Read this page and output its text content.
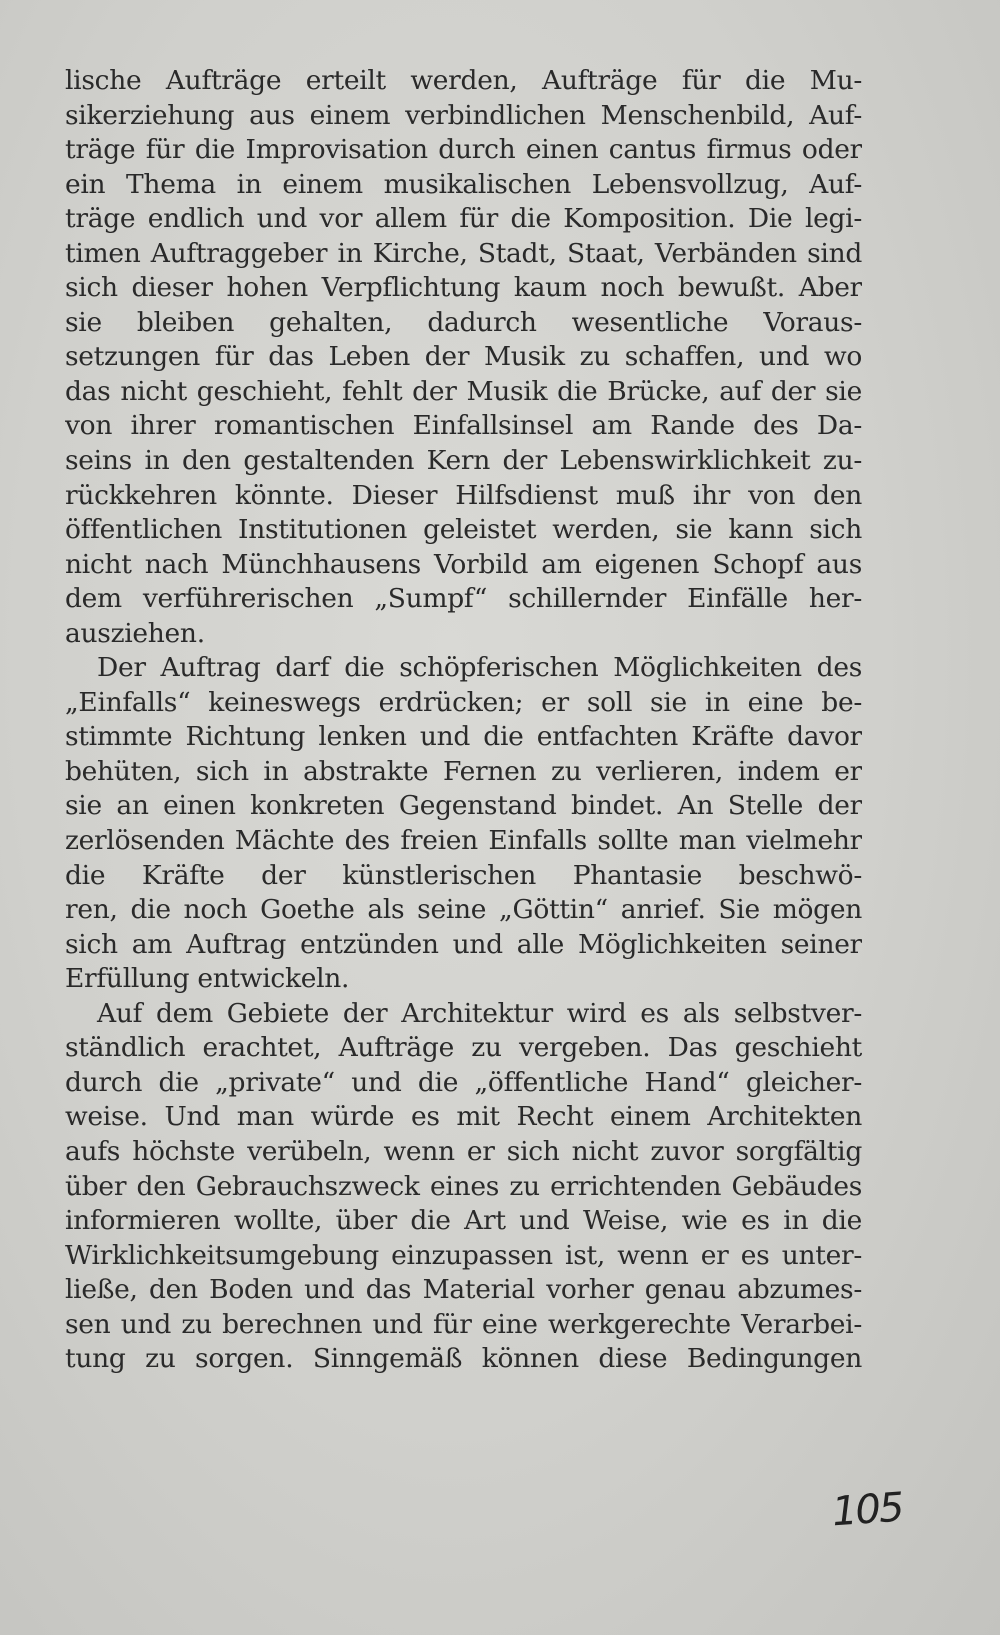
lische Aufträge erteilt werden, Aufträge für die Mu-
sikerziehung aus einem verbindlichen Menschenbild, Auf-
träge für die Improvisation durch einen cantus firmus oder
ein Thema in einem musikalischen Lebensvollzug, Auf-
träge endlich und vor allem für die Komposition. Die legi-
timen Auftraggeber in Kirche, Stadt, Staat, Verbänden sind
sich dieser hohen Verpflichtung kaum noch bewußt. Aber
sie bleiben gehalten, dadurch wesentliche Voraus-
setzungen für das Leben der Musik zu schaffen, und wo
das nicht geschieht, fehlt der Musik die Brücke, auf der sie
von ihrer romantischen Einfallsinsel am Rande des Da-
seins in den gestaltenden Kern der Lebenswirklichkeit zu-
rückkehren könnte. Dieser Hilfsdienst muß ihr von den
öffentlichen Institutionen geleistet werden, sie kann sich
nicht nach Münchhausens Vorbild am eigenen Schopf aus
dem verführerischen „Sumpf“ schillernder Einfälle her-
ausziehen.
Der Auftrag darf die schöpferischen Möglichkeiten des
„Einfalls“ keineswegs erdrücken; er soll sie in eine be-
stimmte Richtung lenken und die entfachten Kräfte davor
behüten, sich in abstrakte Fernen zu verlieren, indem er
sie an einen konkreten Gegenstand bindet. An Stelle der
zerlösenden Mächte des freien Einfalls sollte man vielmehr
die Kräfte der künstlerischen Phantasie beschwö-
ren, die noch Goethe als seine „Göttin“ anrief. Sie mögen
sich am Auftrag entzünden und alle Möglichkeiten seiner
Erfüllung entwickeln.
Auf dem Gebiete der Architektur wird es als selbstver-
ständlich erachtet, Aufträge zu vergeben. Das geschieht
durch die „private“ und die „öffentliche Hand“ gleicher-
weise. Und man würde es mit Recht einem Architekten
aufs höchste verübeln, wenn er sich nicht zuvor sorgfältig
über den Gebrauchszweck eines zu errichtenden Gebäudes
informieren wollte, über die Art und Weise, wie es in die
Wirklichkeitsumgebung einzupassen ist, wenn er es unter-
ließe, den Boden und das Material vorher genau abzumes-
sen und zu berechnen und für eine werkgerechte Verarbei-
tung zu sorgen. Sinngemäß können diese Bedingungen
105
